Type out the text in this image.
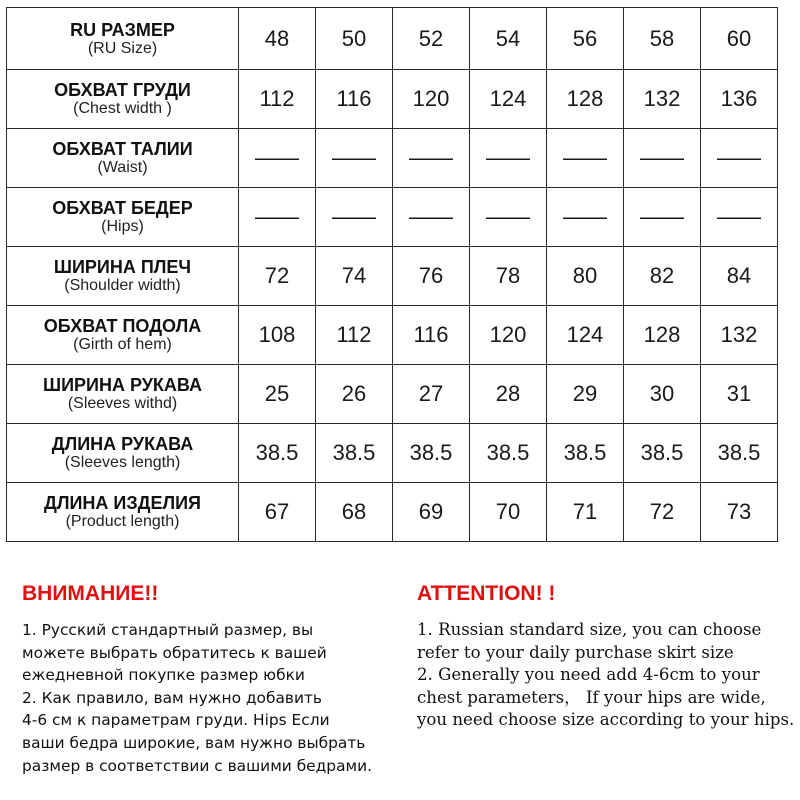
RU РАЗМЕР
(RU Size)	48	50	52	54	56	58	60

ОБХВАТ ГРУДИ
(Chest width )	112	116	120	124	128	132	136

ОБХВАТ ТАЛИИ
(Waist)	——	——	——	——	——	——	——

ОБХВАТ БЕДЕР
(Hips)	——	——	——	——	——	——	——

ШИРИНА ПЛЕЧ
(Shoulder width)	72	74	76	78	80	82	84

ОБХВАТ ПОДОЛА
(Girth of hem)	108	112	116	120	124	128	132

ШИРИНА РУКАВА
(Sleeves withd)	25	26	27	28	29	30	31

ДЛИНА РУКАВА
(Sleeves length)	38.5	38.5	38.5	38.5	38.5	38.5	38.5

ДЛИНА ИЗДЕЛИЯ
(Product length)	67	68	69	70	71	72	73
ВНИМАНИЕ!!
1. Русский стандартный размер, вы
можете выбрать обратитесь к вашей
ежедневной покупке размер юбки
2. Как правило, вам нужно добавить
4-6 см к параметрам груди. Hips Если
ваши бедра широкие, вам нужно выбрать
размер в соответствии с вашими бедрами.
ATTENTION! !
1. Russian standard size, you can choose
refer to your daily purchase skirt size
2. Generally you need add 4-6cm to your
chest parameters， If your hips are wide,
you need choose size according to your hips.
